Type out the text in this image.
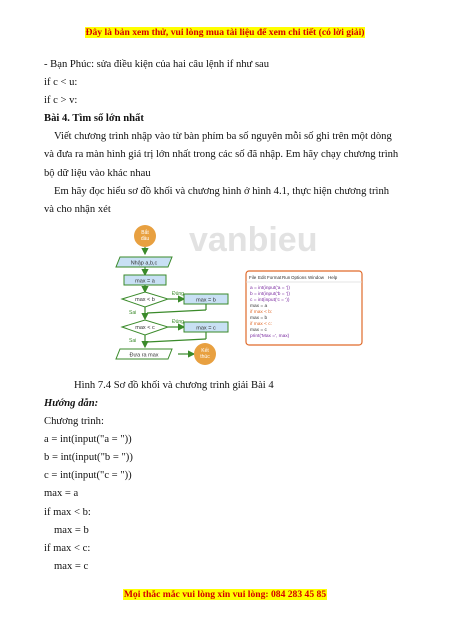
Đây là bản xem thử, vui lòng mua tài liệu để xem chi tiết (có lời giải)
- Bạn Phúc: sửa điều kiện của hai câu lệnh if như sau
if c < u:
if c > v:
Bài 4. Tìm số lớn nhất
Viết chương trình nhập vào từ bàn phím ba số nguyên mỗi số ghi trên một dòng và đưa ra màn hình giá trị lớn nhất trong các số đã nhập. Em hãy chạy chương trình bộ dữ liệu vào khác nhau
Em hãy đọc hiểu sơ đồ khối và chương hình ở hình 4.1, thực hiện chương trình và cho nhận xét
vanbieu
Bắt
đầu
Nhập a,b,c
max = a
max < b
Đúng
Sai
max = b
max < c
Đúng
Sai
max = c
Đưa ra max
Kết
thúc
File Edit Format Run Options Window Help
a = int(input('a = '))
b = int(input('b = '))
c = int(input('c = '))
max = a
if max < b:
max = b
if max < c:
max = c
print('Max =', max)
Hình 7.4 Sơ đồ khối và chương trình giải Bài 4
Hướng dẫn:
Chương trình:
a = int(input("a = "))
b = int(input("b = "))
c = int(input("c = "))
max = a
if max < b:
max = b
if max < c:
max = c
Mọi thắc mắc vui lòng xin vui lòng: 084 283 45 85
